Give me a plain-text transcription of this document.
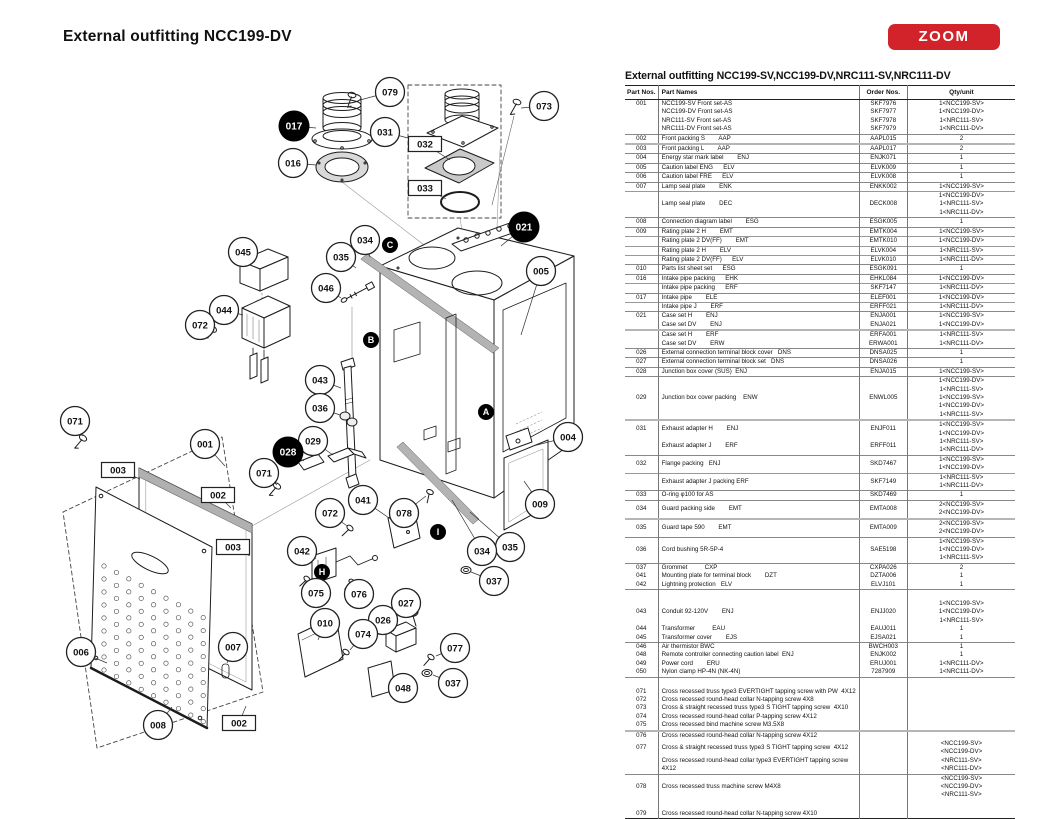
External outfitting NCC199-DV	ZOOM
079
073
017
031
016
032
033
021
034 C
035
045
005
046
044
072
B
043
036	A
071
004
029
001
028
003	071
002	041	009
078
072
I
003	035
034
042
H
037
075	076
027
026
010
074
007	077
006
037
048
008	002
External outfitting NCC199-SV,NCC199-DV,NRC111-SV,NRC111-DV
Part Nos.	Part Names	Order Nos.	Qty/unit
001	NCC199-SV Front set-AS	SKF7976	1<NCC199-SV>

	NCC199-DV Front set-AS	SKF7977	1<NCC199-DV>

	NRC111-SV Front set-AS	SKF7978	1<NRC111-SV>

	NRC111-DV Front set-AS	SKF7979	1<NRC111-DV>

002	Front packing S        AAP	AAPL015	2

003	Front packing L        AAP	AAPL017	2

004	Energy star mark label        ENJ	ENJK071	1

005	Caution label ENG      ELV	ELVK009	1

006	Caution label FRE      ELV	ELVK008	1

007	Lamp seal plate        ENK	ENKK002	1<NCC199-SV>

	Lamp seal plate        DEC	DECK008	1<NCC199-DV>
1<NRC111-SV>
1<NRC111-DV>

008	Connection diagram label        ESG	ESGK005	1

009	Rating plate 2 H        EMT	EMTK004	1<NCC199-SV>

	Rating plate 2 DV(FF)        EMT	EMTK010	1<NCC199-DV>

	Rating plate 2 H        ELV	ELVK004	1<NRC111-SV>

	Rating plate 2 DV(FF)      ELV	ELVK010	1<NRC111-DV>

010	Parts list sheet set      ESG	ESGK091	1

016	Intake pipe packing      EHK	EHKL084	1<NCC199-DV>

	Intake pipe packing      ERF	SKF7147	1<NRC111-DV>

017	Intake pipe        ELE	ELEF001	1<NCC199-DV>

	Intake pipe J        ERF	ERFF021	1<NRC111-DV>

021	Case set H        ENJ	ENJA001	1<NCC199-SV>

	Case set DV        ENJ	ENJA021	1<NCC199-DV>

	Case set H        ERF	ERFA001	1<NRC111-SV>

	Case set DV        ERW	ERWA001	1<NRC111-DV>

026	External connection terminal block cover   DNS	DNSA025	1

027	External connection terminal block set   DNS	DNSA026	1

028	Junction box cover (SUS)  ENJ	ENJA015	1<NCC199-SV>

029	Junction box cover packing    ENW	ENWL005	1<NCC199-DV>
1<NRC111-SV>
1<NCC199-SV>
1<NCC199-DV>
1<NRC111-SV>

031	Exhaust adapter H        ENJ	ENJF011	1<NCC199-SV>
1<NCC199-DV>

	Exhaust adapter J        ERF	ERFF011	1<NRC111-SV>
1<NRC111-DV>

032	Flange packing   ENJ	SKD7467	1<NCC199-SV>
1<NCC199-DV>

	Exhaust adapter J packing ERF	SKF7149	1<NRC111-SV>
1<NRC111-DV>

033	O-ring φ100 for AS	SKD7469	1

034	Guard packing side        EMT	EMTA008	2<NCC199-SV>
2<NCC199-DV>

035	Guard tape 590        EMT	EMTA009	2<NCC199-SV>
2<NCC199-DV>

036	Cord bushing 5R-5P-4	SAE5198	1<NCC199-SV>
1<NCC199-DV>
1<NRC111-SV>

037	Grommet          CXP	CXPA026	2

041	Mounting plate for terminal block        DZT	DZTA006	1

042	Lightning protection   ELV	ELVJ101	1

043	Conduit 92-120V        ENJ	ENJJ020	1<NCC199-SV>
1<NCC199-DV>
1<NRC111-SV>

044	Transformer          EAU	EAUJ011	1

045	Transformer cover        EJS	EJSA021	1

046	Air thermistor BWC	BWCH003	1

048	Remote controller connecting caution label  ENJ	ENJK002	1

049	Power cord        ERU	ERUJ001	1<NRC111-DV>

050	Nylon clamp HP-4N (NK-4N)	7287909	1<NRC111-DV>

071	Cross recessed truss type3 EVERTIGHT tapping screw with PW  4X12		

072	Cross recessed round-head collar N-tapping screw 4X8		

073	Cross & straight recessed truss type3 S TIGHT tapping screw  4X10		

074	Cross recessed round-head collar P-tapping screw 4X12		

075	Cross recessed bind machine screw M3.5X8		

076	Cross recessed round-head collar N-tapping screw 4X12		

077	Cross & straight recessed truss type3 S TIGHT tapping screw  4X12		<NCC199-SV>
<NCC199-DV>

	Cross recessed round-head collar type3 EVERTIGHT tapping screw 4X12		<NRC111-SV>
<NRC111-DV>

078	Cross recessed truss machine screw M4X8		<NCC199-SV>
<NCC199-DV>
<NRC111-SV>

079	Cross recessed round-head collar N-tapping screw 4X10		
